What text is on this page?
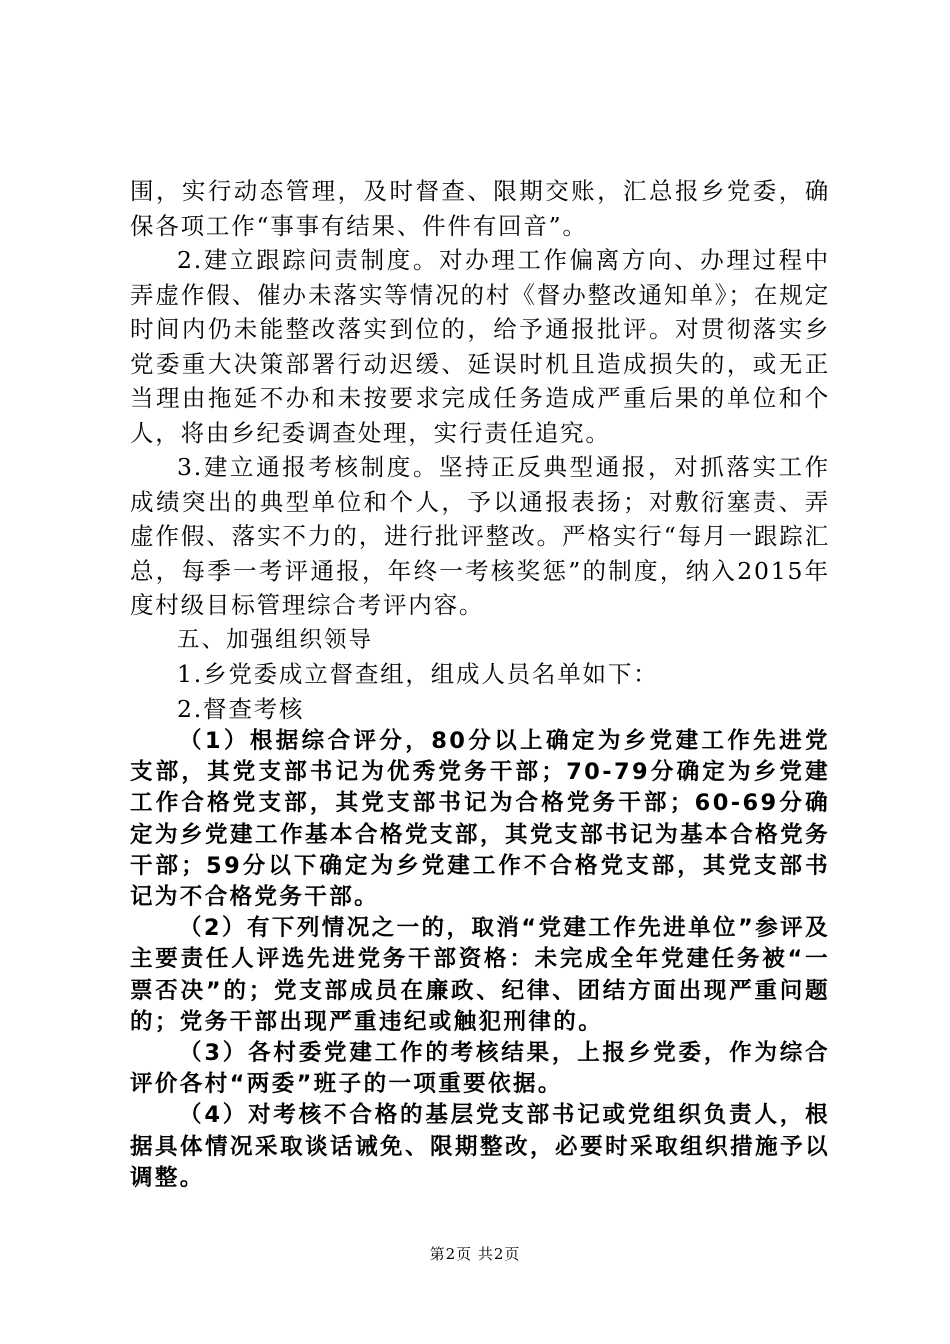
围，实行动态管理，及时督查、限期交账，汇总报乡党委，确保各项工作“事事有结果、件件有回音”。

2.建立跟踪问责制度。对办理工作偏离方向、办理过程中弄虚作假、催办未落实等情况的村《督办整改通知单》；在规定时间内仍未能整改落实到位的，给予通报批评。对贯彻落实乡党委重大决策部署行动迟缓、延误时机且造成损失的，或无正当理由拖延不办和未按要求完成任务造成严重后果的单位和个人，将由乡纪委调查处理，实行责任追究。

3.建立通报考核制度。坚持正反典型通报，对抓落实工作成绩突出的典型单位和个人，予以通报表扬；对敷衍塞责、弄虚作假、落实不力的，进行批评整改。严格实行“每月一跟踪汇总，每季一考评通报，年终一考核奖惩”的制度，纳入2015年度村级目标管理综合考评内容。

五、加强组织领导

1.乡党委成立督查组，组成人员名单如下：

2.督查考核

（1）根据综合评分，80分以上确定为乡党建工作先进党支部，其党支部书记为优秀党务干部；70-79分确定为乡党建工作合格党支部，其党支部书记为合格党务干部；60-69分确定为乡党建工作基本合格党支部，其党支部书记为基本合格党务干部；59分以下确定为乡党建工作不合格党支部，其党支部书记为不合格党务干部。

（2）有下列情况之一的，取消“党建工作先进单位”参评及主要责任人评选先进党务干部资格：未完成全年党建任务被“一票否决”的；党支部成员在廉政、纪律、团结方面出现严重问题的；党务干部出现严重违纪或触犯刑律的。

（3）各村委党建工作的考核结果，上报乡党委，作为综合评价各村“两委”班子的一项重要依据。

（4）对考核不合格的基层党支部书记或党组织负责人，根据具体情况采取谈话诫免、限期整改，必要时采取组织措施予以调整。

第2页 共2页
